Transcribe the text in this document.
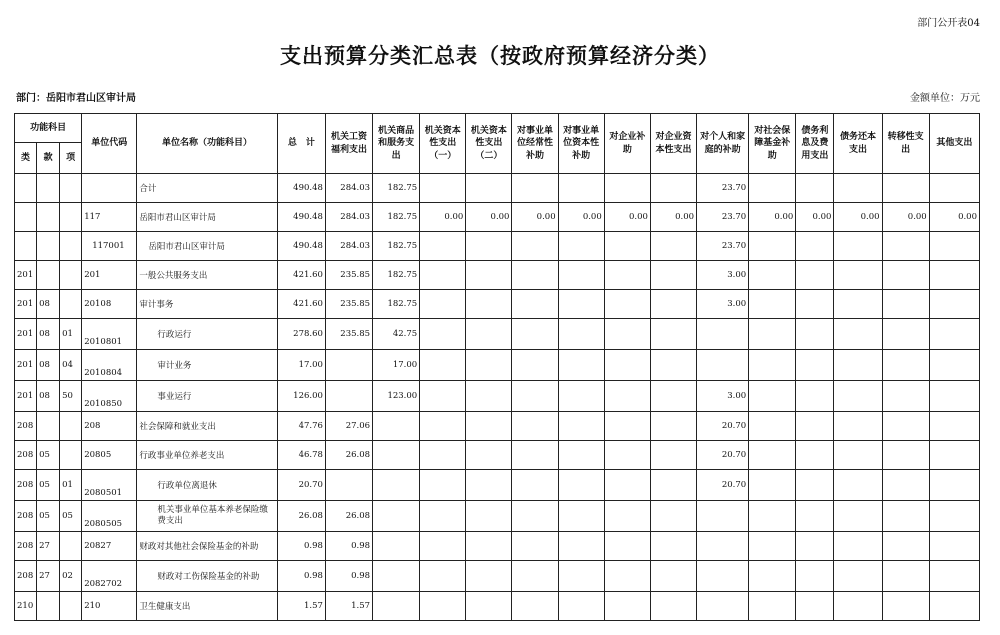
部门公开表04
支出预算分类汇总表（按政府预算经济分类）
部门：岳阳市君山区审计局	金额单位：万元
功能科目			单位代码	单位名称（功能科目）	总　计	机关工资福利支出	机关商品和服务支出	机关资本性支出（一）	机关资本性支出（二）	对事业单位经常性补助	对事业单位资本性补助	对企业补助	对企业资本性支出	对个人和家庭的补助	对社会保障基金补助	债务利息及费用支出	债务还本支出	转移性支出	其他支出
类	款	项																	
				合计	490.48	284.03	182.75							23.70					
			117	岳阳市君山区审计局	490.48	284.03	182.75	0.00	0.00	0.00	0.00	0.00	0.00	23.70	0.00	0.00	0.00	0.00	0.00
			117001	岳阳市君山区审计局	490.48	284.03	182.75							23.70					
201			201	一般公共服务支出	421.60	235.85	182.75							3.00					
201	08		20108	审计事务	421.60	235.85	182.75							3.00					
201	08	01	2010801	行政运行	278.60	235.85	42.75												
201	08	04	2010804	审计业务	17.00		17.00												
201	08	50	2010850	事业运行	126.00		123.00							3.00					
208			208	社会保障和就业支出	47.76	27.06								20.70					
208	05		20805	行政事业单位养老支出	46.78	26.08								20.70					
208	05	01	2080501	行政单位离退休	20.70									20.70					
208	05	05	2080505	机关事业单位基本养老保险缴费支出	26.08	26.08													
208	27		20827	财政对其他社会保险基金的补助	0.98	0.98													
208	27	02	2082702	财政对工伤保险基金的补助	0.98	0.98													
210			210	卫生健康支出	1.57	1.57													
